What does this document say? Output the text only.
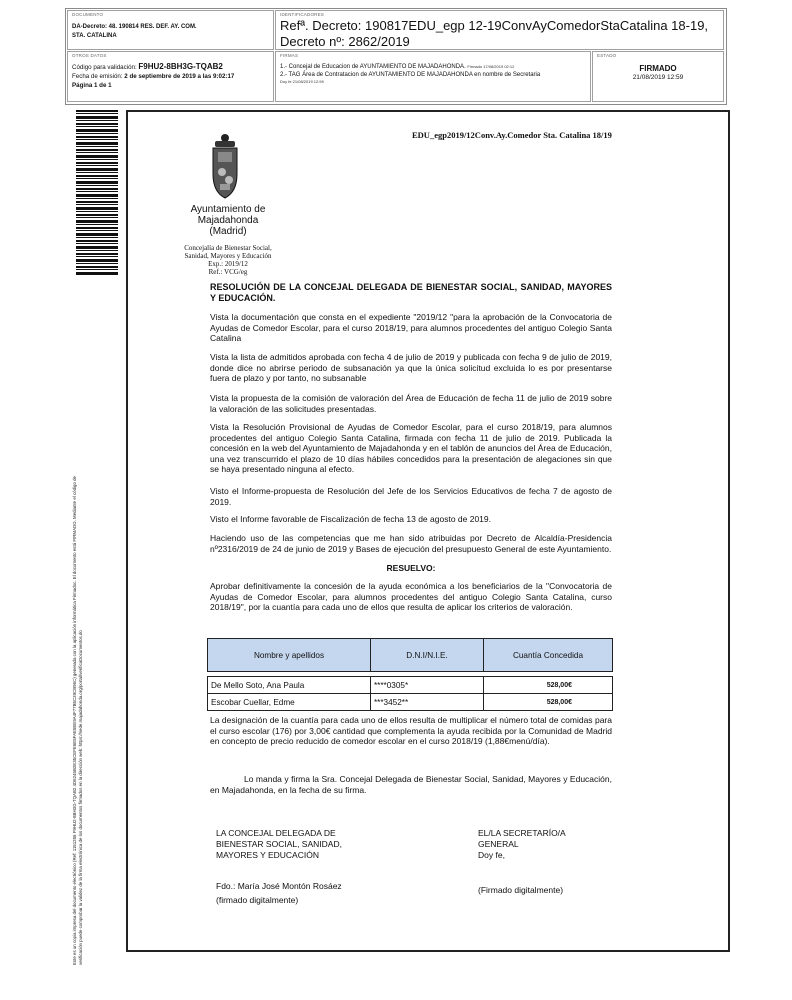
DOCUMENTO
DA-Decreto: 48. 190814 RES. DEF. AY. COM.
STA. CATALINA
IDENTIFICADORES
Refª. Decreto: 190817EDU_egp 12-19ConvAyComedorStaCatalina 18-19,
Decreto nº: 2862/2019
OTROS DATOS
Código para validación: F9HU2-8BH3G-TQAB2
Fecha de emisión: 2 de septiembre de 2019 a las 9:02:17
Página 1 de 1
FIRMAS
1.- Concejal de Educacion de AYUNTAMIENTO DE MAJADAHONDA. Firmado 17/08/2019 02:12
2.- TAG Área de Contratacion de AYUNTAMIENTO DE MAJADAHONDA en nombre de Secretaria
Doy fe 21/08/2019 12:59
ESTADO
FIRMADO
21/08/2019 12:59
Este es un copia impresa del documento electrónico (Ref: 1151255 F9HU2-8BH3G-TQAB2 4D6245B2E35CEFE6E5FAE5EE9A4F77B5C39CB96C) generada con la aplicación informática Firmadoc. El documento está FIRMADO. Mediante el código de verificación puede comprobar la validez de la firma electrónica de los documentos firmados en la dirección web: https://sede.majadahonda.org/portal/verificaDocumentos.do
EDU_egp2019/12Conv.Ay.Comedor Sta. Catalina 18/19
Ayuntamiento de
Majadahonda
(Madrid)
Concejalía de Bienestar Social,
Sanidad, Mayores y Educación
Exp.: 2019/12
Ref.: VCG/eg
RESOLUCIÓN DE LA CONCEJAL DELEGADA DE BIENESTAR SOCIAL, SANIDAD, MAYORES Y EDUCACIÓN.
Vista la documentación que consta en el expediente "2019/12 "para la aprobación de la Convocatoria de Ayudas de Comedor Escolar, para el curso 2018/19, para alumnos procedentes del antiguo Colegio Santa Catalina
Vista la lista de admitidos aprobada con fecha 4 de julio de 2019 y publicada con fecha 9 de julio de 2019, donde dice no abrirse periodo de subsanación ya que la única solicitud excluida lo es por presentarse fuera de plazo y por tanto, no subsanable
Vista la propuesta de la comisión de valoración del Área de Educación de fecha 11 de julio de 2019 sobre la valoración de las solicitudes presentadas.
Vista la Resolución Provisional de Ayudas de Comedor Escolar, para el curso 2018/19, para alumnos procedentes del antiguo Colegio Santa Catalina, firmada con fecha 11 de julio de 2019. Publicada la concesión en la web del Ayuntamiento de Majadahonda y en el tablón de anuncios del Área de Educación, una vez transcurrido el plazo de 10 días hábiles concedidos para la presentación de alegaciones sin que se haya presentado ninguna al efecto.
Visto el Informe-propuesta de Resolución del Jefe de los Servicios Educativos de fecha 7 de agosto de 2019.
Visto el Informe favorable de Fiscalización de fecha 13 de agosto de 2019.
Haciendo uso de las competencias que me han sido atribuidas por Decreto de Alcaldía-Presidencia nº2316/2019 de 24 de junio de 2019 y Bases de ejecución del presupuesto General de este Ayuntamiento.
RESUELVO:
Aprobar definitivamente la concesión de la ayuda económica a los beneficiarios de la "Convocatoria de Ayudas de Comedor Escolar, para alumnos procedentes del antiguo Colegio Santa Catalina, curso 2018/19", por la cuantía para cada uno de ellos que resulta de aplicar los criterios de valoración.
Nombre y apellidos	D.N.I/N.I.E.	Cuantía Concedida

De Mello Soto, Ana Paula	****0305*	528,00€
Escobar Cuellar, Edme	***3452**	528,00€
La designación de la cuantía para cada uno de ellos resulta de multiplicar el número total de comidas para el curso escolar (176) por 3,00€ cantidad que complementa la ayuda recibida por la Comunidad de Madrid en concepto de precio reducido de comedor escolar en el curso 2018/19 (1,88€menú/día).
Lo manda y firma la Sra. Concejal Delegada de Bienestar Social, Sanidad, Mayores y Educación, en Majadahonda, en la fecha de su firma.
LA CONCEJAL DELEGADA DE
BIENESTAR SOCIAL, SANIDAD,
MAYORES Y EDUCACIÓN
Fdo.: María José Montón Rosáez
(firmado digitalmente)
EL/LA SECRETARÍO/A
GENERAL
Doy fe,
(Firmado digitalmente)
